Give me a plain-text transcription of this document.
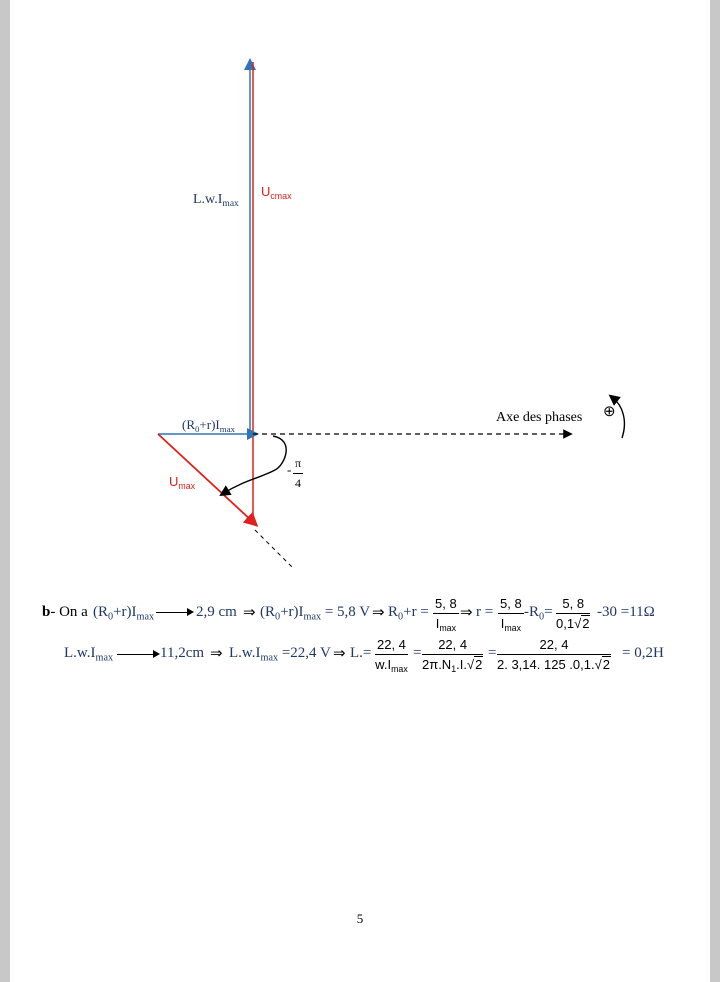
$L.w.I_{max}$
$U_{cmax}$
$(R_0+r)I_{max}$
$U_{max}$
Axe des phases ⊕
- $\frac{\pi}{4}$
b- On a $(R_0+r)I_{max}$	2,9 cm ⇒ $(R_0+r)I_{max} = 5,8$ V ⇒ $R_0+r$ =
5, 8
$I_{max}$
⇒ r =
5, 8
$I_{max}$
$-R_0= \frac{5, 8}{0,1√2} -30 =11\Omega$
$L.w.I_{max}$	11,2cm ⇒ $L.w.I_{max} =22,4$ V ⇒ L.=
22, 4
$w.I_{max}$
= $\frac{22, 4}{2\pi.N_1.I.√2} = \frac{22, 4}{2. 3,14. 125 .0,1.√2} = 0,2H$
5
